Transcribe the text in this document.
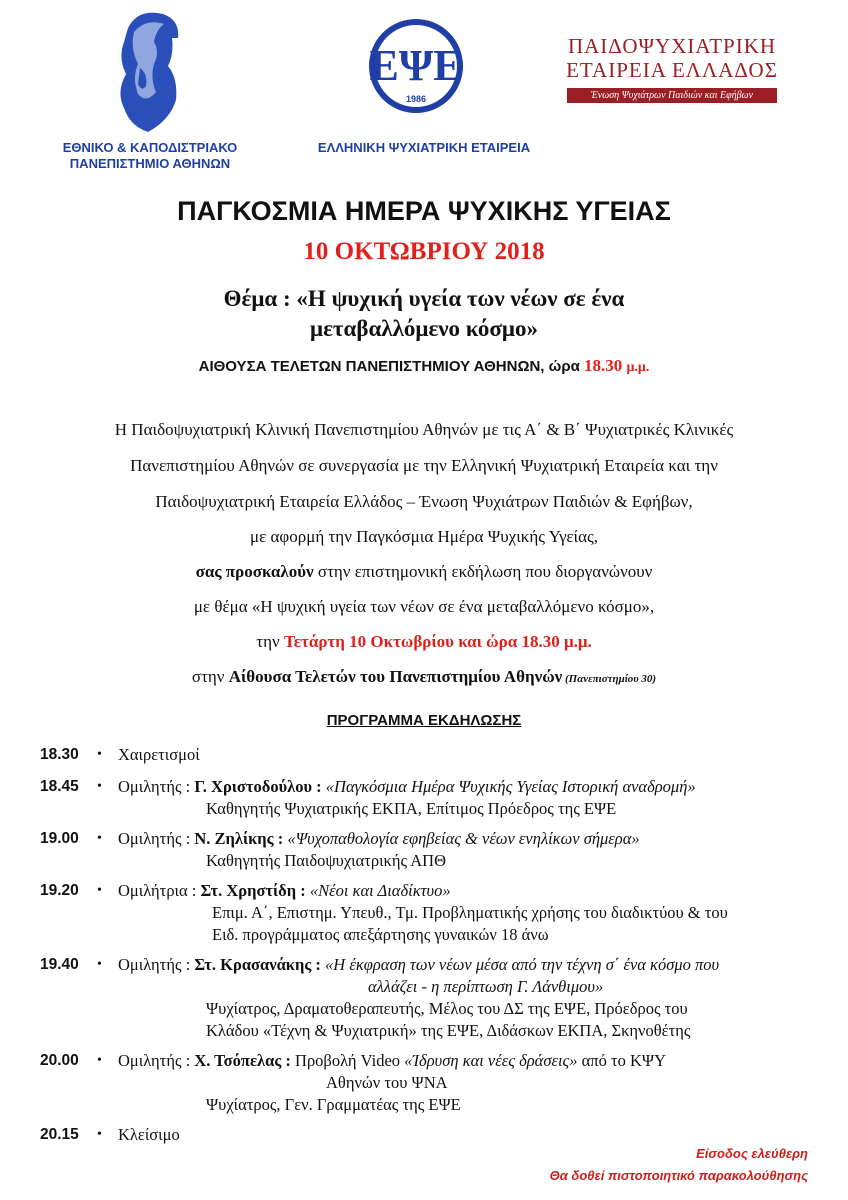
ΕΘΝΙΚΟ & ΚΑΠΟΔΙΣΤΡΙΑΚΟ
ΠΑΝΕΠΙΣΤΗΜΙΟ ΑΘΗΝΩΝ
ΕΨΕ
1986
ΕΛΛΗΝΙΚΗ ΨΥΧΙΑΤΡΙΚΗ ΕΤΑΙΡΕΙΑ
ΠΑΙΔΟΨΥΧΙΑΤΡΙΚΗ
ΕΤΑΙΡΕΙΑ ΕΛΛΑΔΟΣ
Ένωση Ψυχιάτρων Παιδιών και Εφήβων
ΠΑΓΚΟΣΜΙΑ ΗΜΕΡΑ ΨΥΧΙΚΗΣ ΥΓΕΙΑΣ
10 ΟΚΤΩΒΡΙΟΥ 2018
Θέμα : «Η ψυχική υγεία των νέων σε ένα
μεταβαλλόμενο κόσμο»
ΑΙΘΟΥΣΑ ΤΕΛΕΤΩΝ ΠΑΝΕΠΙΣΤΗΜΙΟΥ ΑΘΗΝΩΝ, ώρα 18.30 μ.μ.
Η Παιδοψυχιατρική Κλινική Πανεπιστημίου Αθηνών με τις Α΄ & Β΄ Ψυχιατρικές Κλινικές
Πανεπιστημίου Αθηνών σε συνεργασία με την Ελληνική Ψυχιατρική Εταιρεία και την
Παιδοψυχιατρική Εταιρεία Ελλάδος – Ένωση Ψυχιάτρων Παιδιών & Εφήβων,
με αφορμή την Παγκόσμια Ημέρα Ψυχικής Υγείας,
σας προσκαλούν στην επιστημονική εκδήλωση που διοργανώνουν
με θέμα «Η ψυχική υγεία των νέων σε ένα μεταβαλλόμενο κόσμο»,
την Τετάρτη 10 Οκτωβρίου και ώρα 18.30 μ.μ.
στην Αίθουσα Τελετών του Πανεπιστημίου Αθηνών (Πανεπιστημίου 30)
ΠΡΟΓΡΑΜΜΑ ΕΚΔΗΛΩΣΗΣ
18.30 • Χαιρετισμοί
18.45 • Ομιλητής : Γ. Χριστοδούλου : «Παγκόσμια Ημέρα Ψυχικής Υγείας Ιστορική αναδρομή»
Καθηγητής Ψυχιατρικής ΕΚΠΑ, Επίτιμος Πρόεδρος της ΕΨΕ
19.00 • Ομιλητής : Ν. Ζηλίκης : «Ψυχοπαθολογία εφηβείας & νέων ενηλίκων σήμερα»
Καθηγητής Παιδοψυχιατρικής ΑΠΘ
19.20 • Ομιλήτρια : Στ. Χρηστίδη : «Νέοι και Διαδίκτυο»
Επιμ. Α΄, Επιστημ. Υπευθ., Τμ. Προβληματικής χρήσης του διαδικτύου & του
Ειδ. προγράμματος απεξάρτησης γυναικών 18 άνω
19.40 • Ομιλητής : Στ. Κρασανάκης : «Η έκφραση των νέων μέσα από την τέχνη σ΄ ένα κόσμο που
αλλάζει - η περίπτωση Γ. Λάνθιμου»
Ψυχίατρος, Δραματοθεραπευτής, Μέλος του ΔΣ της ΕΨΕ, Πρόεδρος του
Κλάδου «Τέχνη & Ψυχιατρική» της ΕΨΕ, Διδάσκων ΕΚΠΑ, Σκηνοθέτης
20.00 • Ομιλητής : Χ. Τσόπελας : Προβολή Video «Ίδρυση και νέες δράσεις» από το ΚΨΥ
Αθηνών του ΨΝΑ
Ψυχίατρος, Γεν. Γραμματέας της ΕΨΕ
20.15 • Κλείσιμο
Είσοδος ελεύθερη
Θα δοθεί πιστοποιητικό παρακολούθησης
